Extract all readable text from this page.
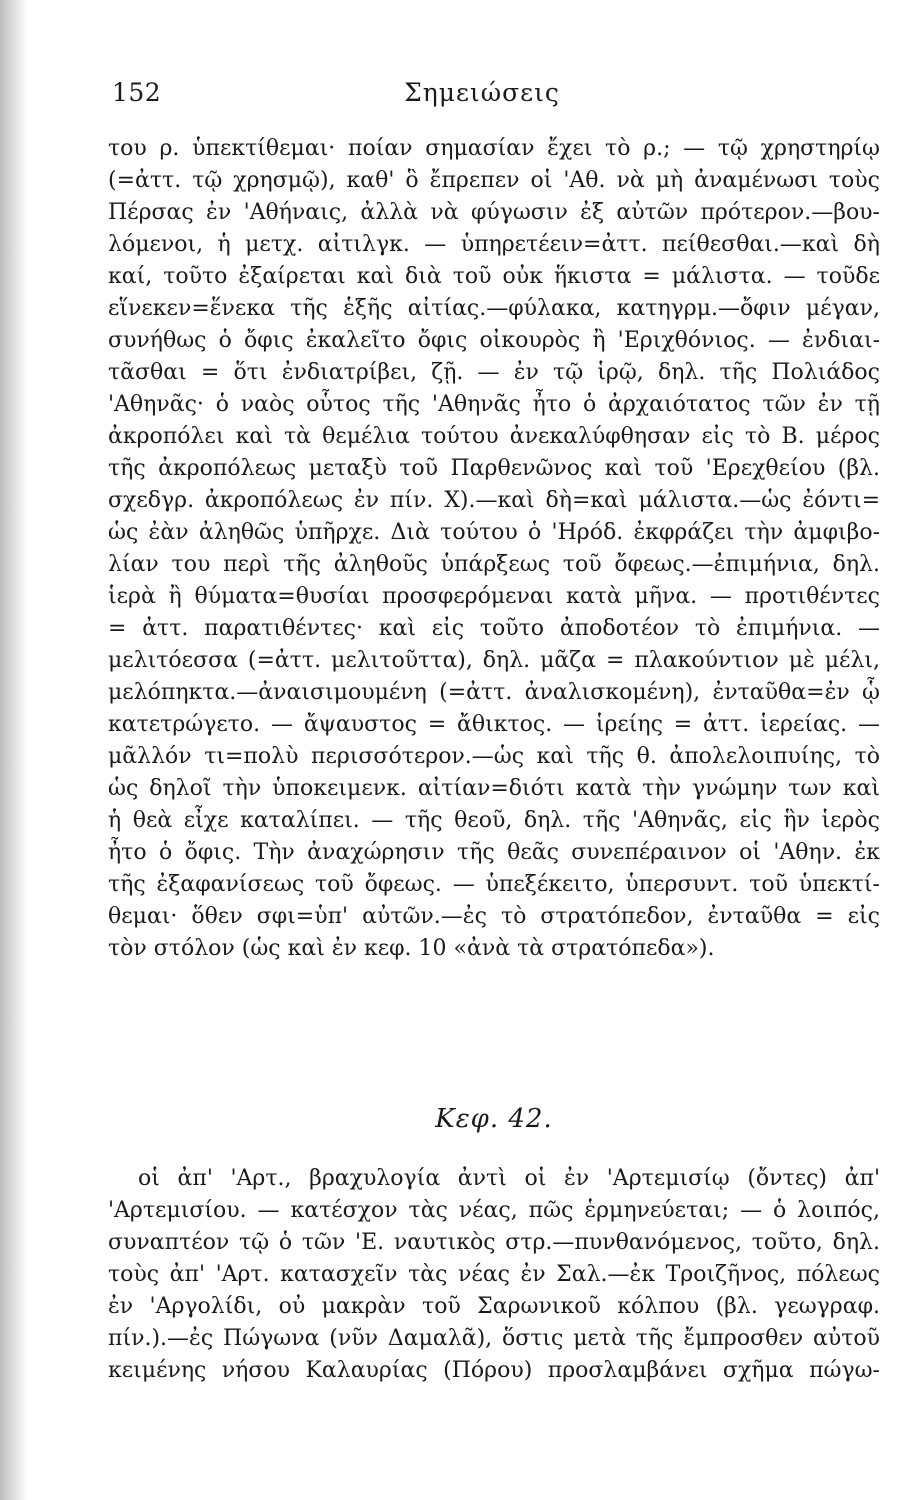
Σημειώσεις
152
του ρ. ὑπεκτίθεμαι· ποίαν σημασίαν ἔχει τὸ ρ.; — τῷ χρηστηρίῳ
(=ἀττ. τῷ χρησμῷ), καθ' ὃ ἔπρεπεν οἱ 'Αθ. νὰ μὴ ἀναμένωσι τοὺς
Πέρσας ἐν 'Αθήναις, ἀλλὰ νὰ φύγωσιν ἐξ αὐτῶν πρότερον.—βου-
λόμενοι, ἡ μετχ. αἰτιλγκ. — ὑπηρετέειν=ἀττ. πείθεσθαι.—καὶ δὴ
καί, τοῦτο ἐξαίρεται καὶ διὰ τοῦ οὐκ ἥκιστα = μάλιστα. — τοῦδε
εἵνεκεν=ἕνεκα τῆς ἑξῆς αἰτίας.—φύλακα, κατηγρμ.—ὄφιν μέγαν,
συνήθως ὁ ὄφις ἐκαλεῖτο ὄφις οἰκουρὸς ἢ 'Εριχθόνιος. — ἐνδιαι-
τᾶσθαι = ὅτι ἐνδιατρίβει, ζῇ. — ἐν τῷ ἱρῷ, δηλ. τῆς Πολιάδος
'Αθηνᾶς· ὁ ναὸς οὗτος τῆς 'Αθηνᾶς ἦτο ὁ ἀρχαιότατος τῶν ἐν τῇ
ἀκροπόλει καὶ τὰ θεμέλια τούτου ἀνεκαλύφθησαν εἰς τὸ Β. μέρος
τῆς ἀκροπόλεως μεταξὺ τοῦ Παρθενῶνος καὶ τοῦ 'Ερεχθείου (βλ.
σχεδγρ. ἀκροπόλεως ἐν πίν. Χ).—καὶ δὴ=καὶ μάλιστα.—ὡς ἐόντι=
ὡς ἐὰν ἀληθῶς ὑπῆρχε. Διὰ τούτου ὁ 'Ηρόδ. ἐκφράζει τὴν ἀμφιβο-
λίαν του περὶ τῆς ἀληθοῦς ὑπάρξεως τοῦ ὄφεως.—ἐπιμήνια, δηλ.
ἱερὰ ἢ θύματα=θυσίαι προσφερόμεναι κατὰ μῆνα. — προτιθέντες
= ἀττ. παρατιθέντες· καὶ εἰς τοῦτο ἀποδοτέον τὸ ἐπιμήνια. —
μελιτόεσσα (=ἀττ. μελιτοῦττα), δηλ. μᾶζα = πλακούντιον μὲ μέλι,
μελόπηκτα.—ἀναισιμουμένη (=ἀττ. ἀναλισκομένη), ἐνταῦθα=ἐν ᾧ
κατετρώγετο. — ἄψαυστος = ἄθικτος. — ἱρείης = ἀττ. ἱερείας. —
μᾶλλόν τι=πολὺ περισσότερον.—ὡς καὶ τῆς θ. ἀπολελοιπυίης, τὸ
ὡς δηλοῖ τὴν ὑποκειμενκ. αἰτίαν=διότι κατὰ τὴν γνώμην των καὶ
ἡ θεὰ εἶχε καταλίπει. — τῆς θεοῦ, δηλ. τῆς 'Αθηνᾶς, εἰς ἣν ἱερὸς
ἦτο ὁ ὄφις. Τὴν ἀναχώρησιν τῆς θεᾶς συνεπέραινον οἱ 'Αθην. ἐκ
τῆς ἐξαφανίσεως τοῦ ὄφεως. — ὑπεξέκειτο, ὑπερσυντ. τοῦ ὑπεκτί-
θεμαι· ὅθεν σφι=ὑπ' αὐτῶν.—ἐς τὸ στρατόπεδον, ἐνταῦθα = εἰς
τὸν στόλον (ὡς καὶ ἐν κεφ. 10 «ἀνὰ τὰ στρατόπεδα»).
Κεφ. 42.
οἱ ἀπ' 'Αρτ., βραχυλογία ἀντὶ οἱ ἐν 'Αρτεμισίῳ (ὄντες) ἀπ'
'Αρτεμισίου. — κατέσχον τὰς νέας, πῶς ἑρμηνεύεται; — ὁ λοιπός,
συναπτέον τῷ ὁ τῶν 'Ε. ναυτικὸς στρ.—πυνθανόμενος, τοῦτο, δηλ.
τοὺς ἀπ' 'Αρτ. κατασχεῖν τὰς νέας ἐν Σαλ.—ἐκ Τροιζῆνος, πόλεως
ἐν 'Αργολίδι, οὐ μακρὰν τοῦ Σαρωνικοῦ κόλπου (βλ. γεωγραφ.
πίν.).—ἐς Πώγωνα (νῦν Δαμαλᾶ), ὅστις μετὰ τῆς ἔμπροσθεν αὐτοῦ
κειμένης νήσου Καλαυρίας (Πόρου) προσλαμβάνει σχῆμα πώγω-
